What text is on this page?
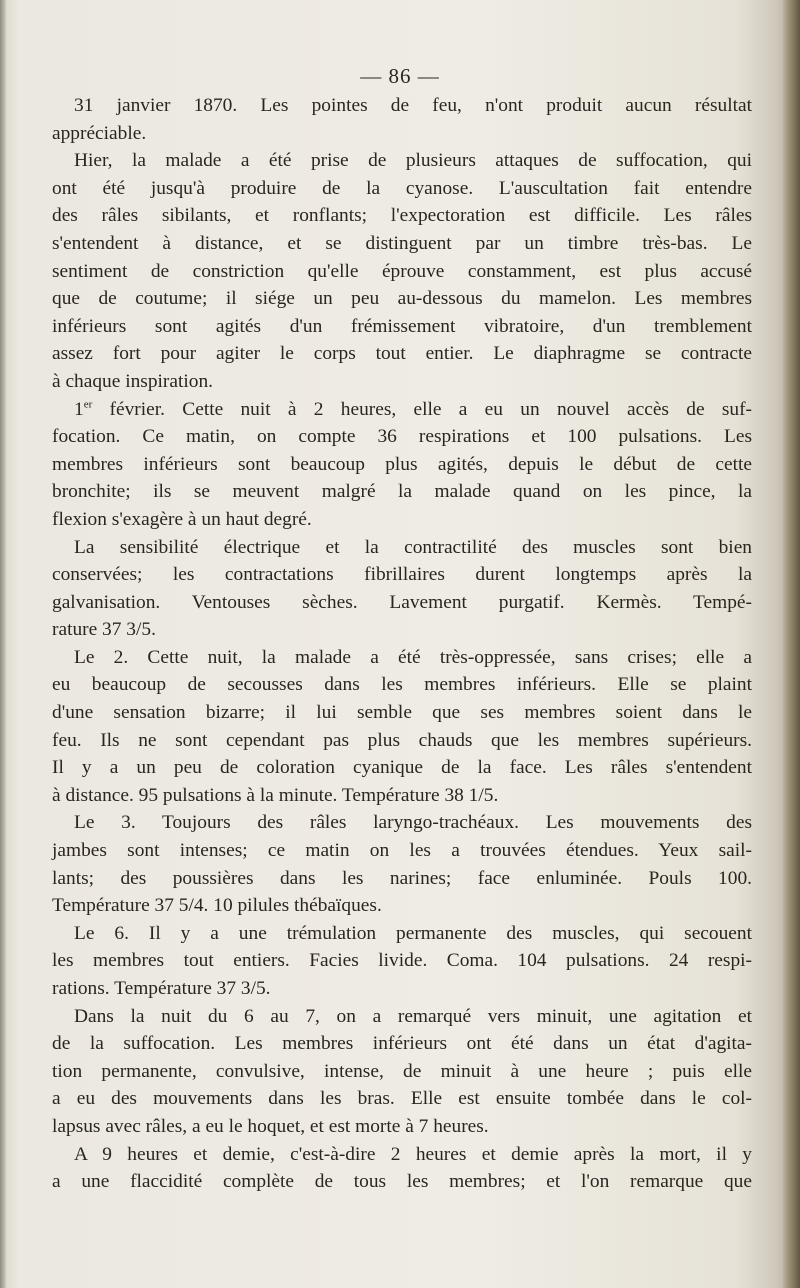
— 86 —
31 janvier 1870. Les pointes de feu, n'ont produit aucun résultat
appréciable.
Hier, la malade a été prise de plusieurs attaques de suffocation, qui
ont été jusqu'à produire de la cyanose. L'auscultation fait entendre
des râles sibilants, et ronflants; l'expectoration est difficile. Les râles
s'entendent à distance, et se distinguent par un timbre très-bas. Le
sentiment de constriction qu'elle éprouve constamment, est plus accusé
que de coutume; il siége un peu au-dessous du mamelon. Les membres
inférieurs sont agités d'un frémissement vibratoire, d'un tremblement
assez fort pour agiter le corps tout entier. Le diaphragme se contracte
à chaque inspiration.
1er février. Cette nuit à 2 heures, elle a eu un nouvel accès de suf-
focation. Ce matin, on compte 36 respirations et 100 pulsations. Les
membres inférieurs sont beaucoup plus agités, depuis le début de cette
bronchite; ils se meuvent malgré la malade quand on les pince, la
flexion s'exagère à un haut degré.
La sensibilité électrique et la contractilité des muscles sont bien
conservées; les contractations fibrillaires durent longtemps après la
galvanisation. Ventouses sèches. Lavement purgatif. Kermès. Tempé-
rature 37 3/5.
Le 2. Cette nuit, la malade a été très-oppressée, sans crises; elle a
eu beaucoup de secousses dans les membres inférieurs. Elle se plaint
d'une sensation bizarre; il lui semble que ses membres soient dans le
feu. Ils ne sont cependant pas plus chauds que les membres supérieurs.
Il y a un peu de coloration cyanique de la face. Les râles s'entendent
à distance. 95 pulsations à la minute. Température 38 1/5.
Le 3. Toujours des râles laryngo-trachéaux. Les mouvements des
jambes sont intenses; ce matin on les a trouvées étendues. Yeux sail-
lants; des poussières dans les narines; face enluminée. Pouls 100.
Température 37 5/4. 10 pilules thébaïques.
Le 6. Il y a une trémulation permanente des muscles, qui secouent
les membres tout entiers. Facies livide. Coma. 104 pulsations. 24 respi-
rations. Température 37 3/5.
Dans la nuit du 6 au 7, on a remarqué vers minuit, une agitation et
de la suffocation. Les membres inférieurs ont été dans un état d'agita-
tion permanente, convulsive, intense, de minuit à une heure ; puis elle
a eu des mouvements dans les bras. Elle est ensuite tombée dans le col-
lapsus avec râles, a eu le hoquet, et est morte à 7 heures.
A 9 heures et demie, c'est-à-dire 2 heures et demie après la mort, il y
a une flaccidité complète de tous les membres; et l'on remarque que
